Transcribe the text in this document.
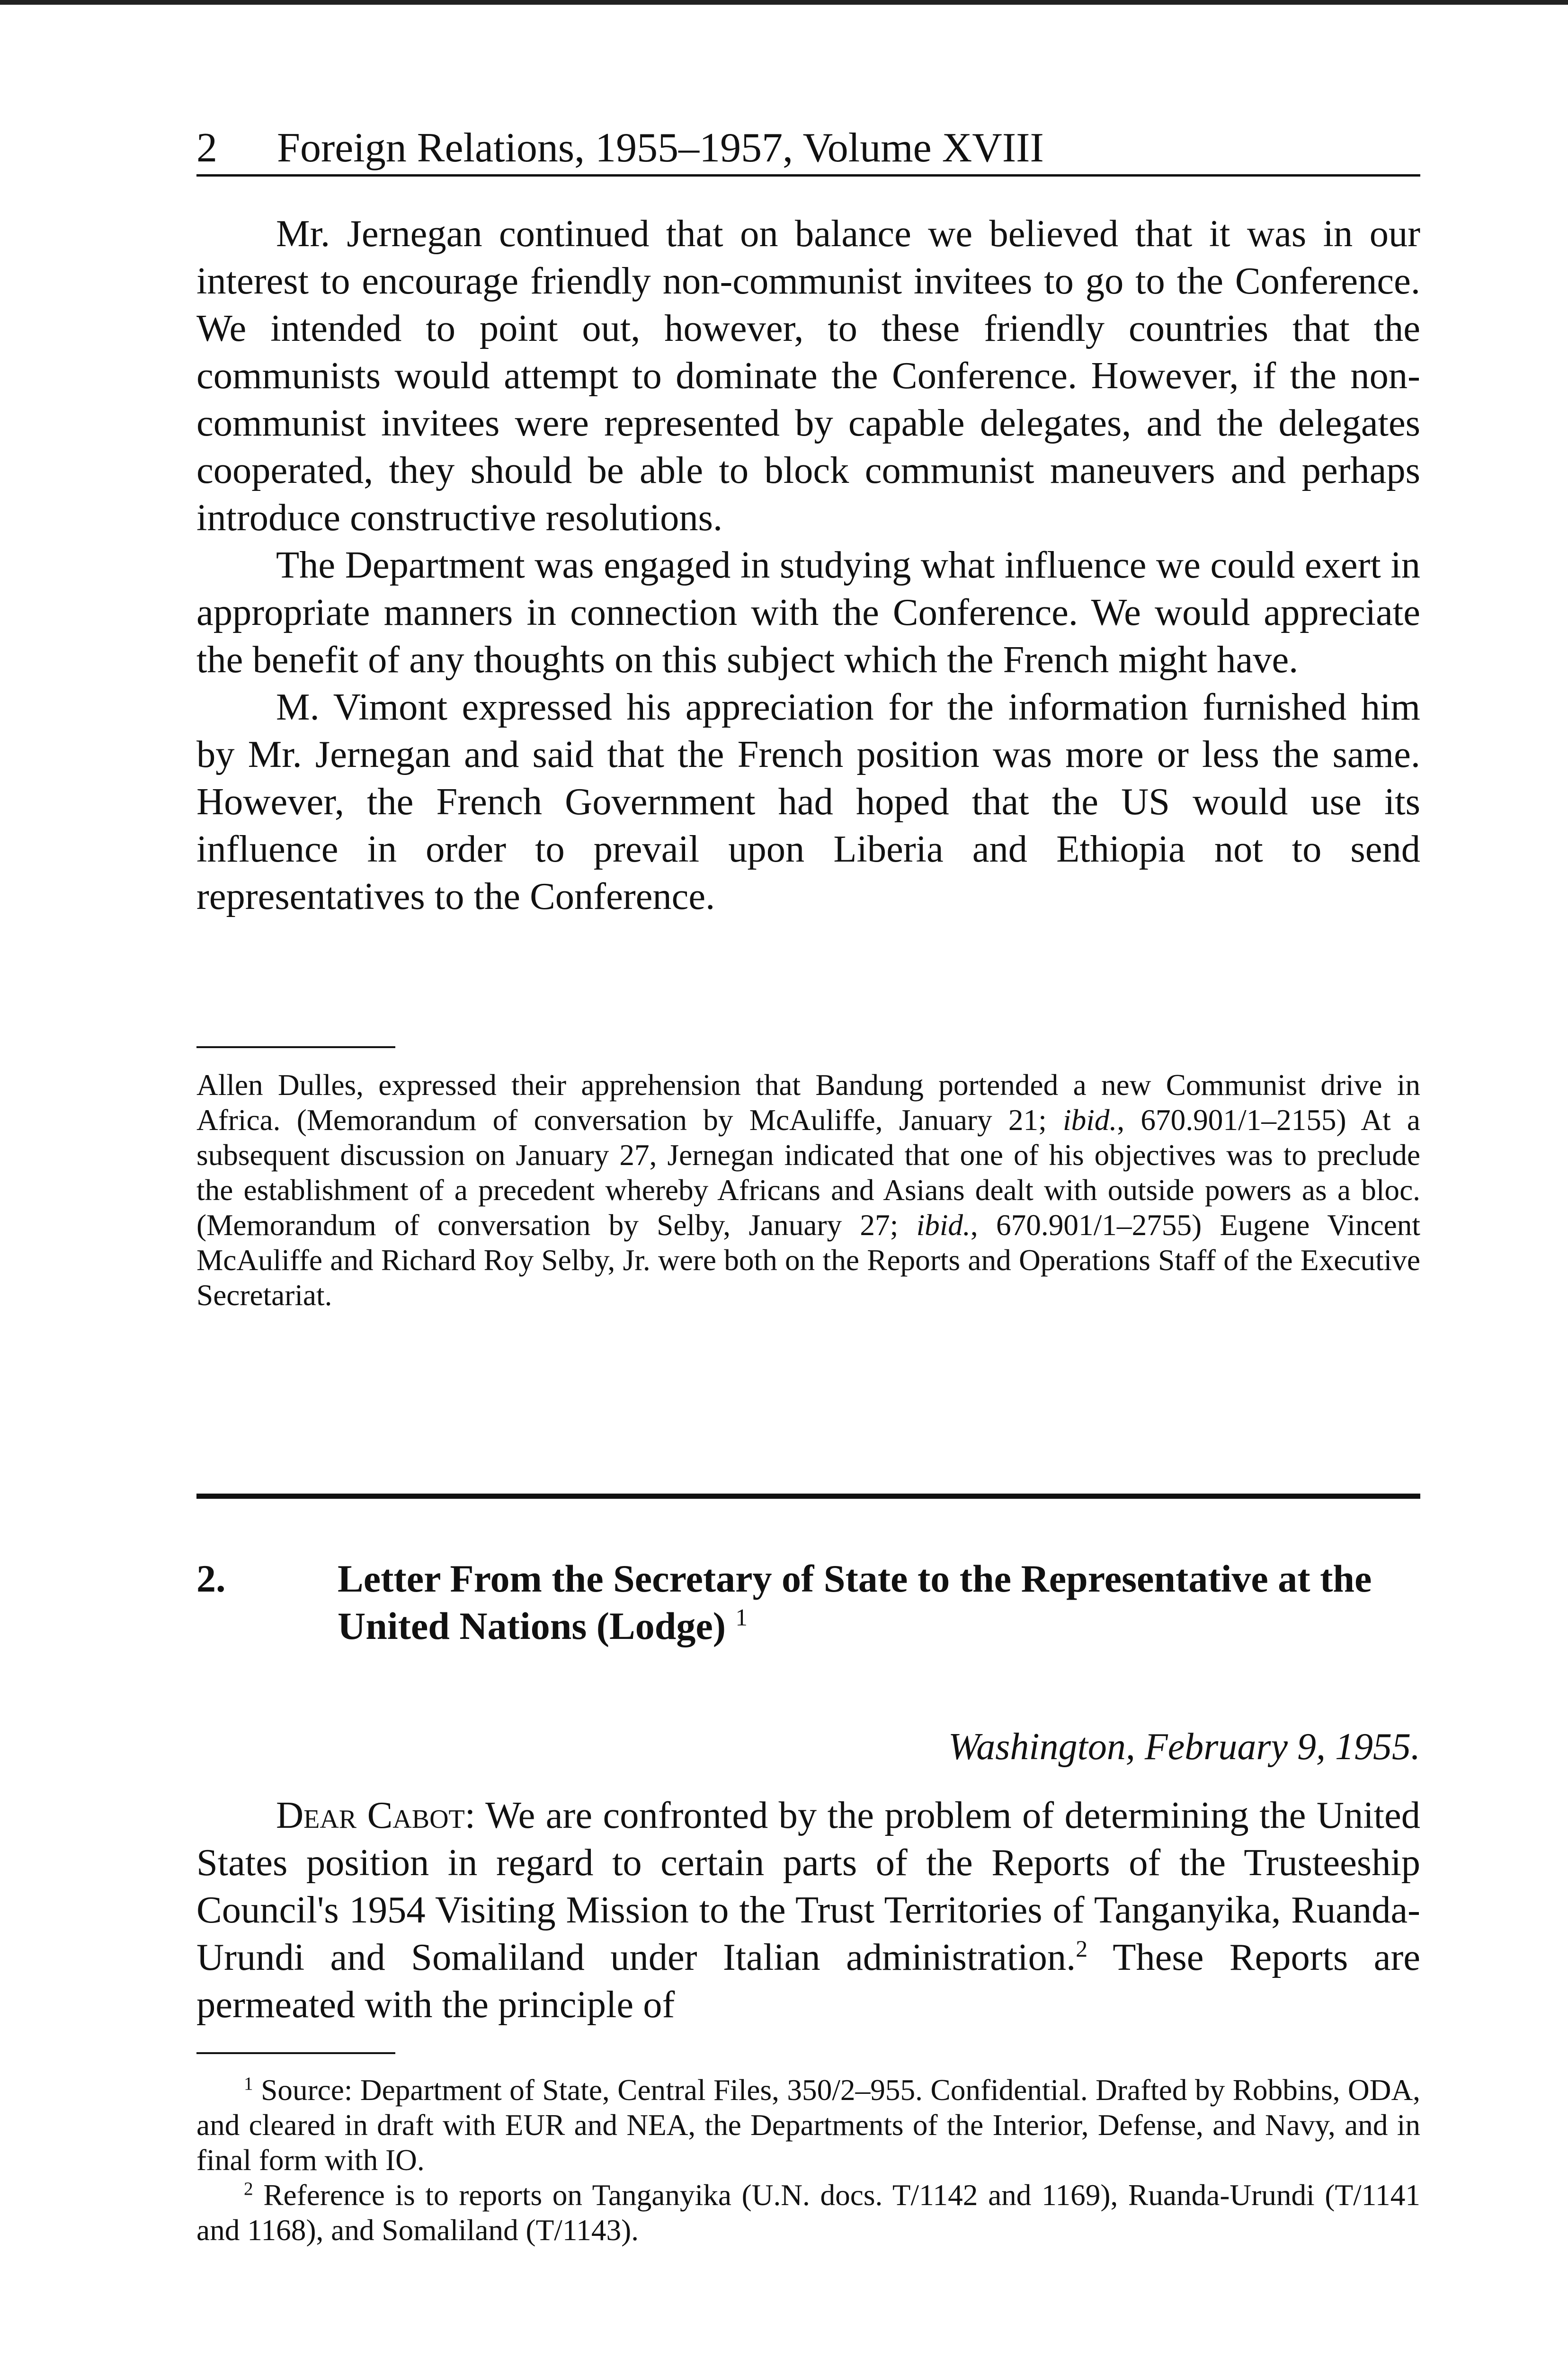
2 Foreign Relations, 1955–1957, Volume XVIII

Mr. Jernegan continued that on balance we believed that it was in our interest to encourage friendly non-communist invitees to go to the Conference. We intended to point out, however, to these friendly countries that the communists would attempt to dominate the Conference. However, if the non-communist invitees were represented by capable delegates, and the delegates cooperated, they should be able to block communist maneuvers and perhaps introduce constructive resolutions.

The Department was engaged in studying what influence we could exert in appropriate manners in connection with the Conference. We would appreciate the benefit of any thoughts on this subject which the French might have.

M. Vimont expressed his appreciation for the information furnished him by Mr. Jernegan and said that the French position was more or less the same. However, the French Government had hoped that the US would use its influence in order to prevail upon Liberia and Ethiopia not to send representatives to the Conference.

Allen Dulles, expressed their apprehension that Bandung portended a new Communist drive in Africa. (Memorandum of conversation by McAuliffe, January 21; ibid., 670.901/1–2155) At a subsequent discussion on January 27, Jernegan indicated that one of his objectives was to preclude the establishment of a precedent whereby Africans and Asians dealt with outside powers as a bloc. (Memorandum of conversation by Selby, January 27; ibid., 670.901/1–2755) Eugene Vincent McAuliffe and Richard Roy Selby, Jr. were both on the Reports and Operations Staff of the Executive Secretariat.

2.	Letter From the Secretary of State to the Representative at the United Nations (Lodge) $^1$
Washington, February 9, 1955.

Dear Cabot: We are confronted by the problem of determining the United States position in regard to certain parts of the Reports of the Trusteeship Council's 1954 Visiting Mission to the Trust Territories of Tanganyika, Ruanda-Urundi and Somaliland under Italian administration.$^2$ These Reports are permeated with the principle of

$^1$ Source: Department of State, Central Files, 350/2–955. Confidential. Drafted by Robbins, ODA, and cleared in draft with EUR and NEA, the Departments of the Interior, Defense, and Navy, and in final form with IO.

$^2$ Reference is to reports on Tanganyika (U.N. docs. T/1142 and 1169), Ruanda-Urundi (T/1141 and 1168), and Somaliland (T/1143).
